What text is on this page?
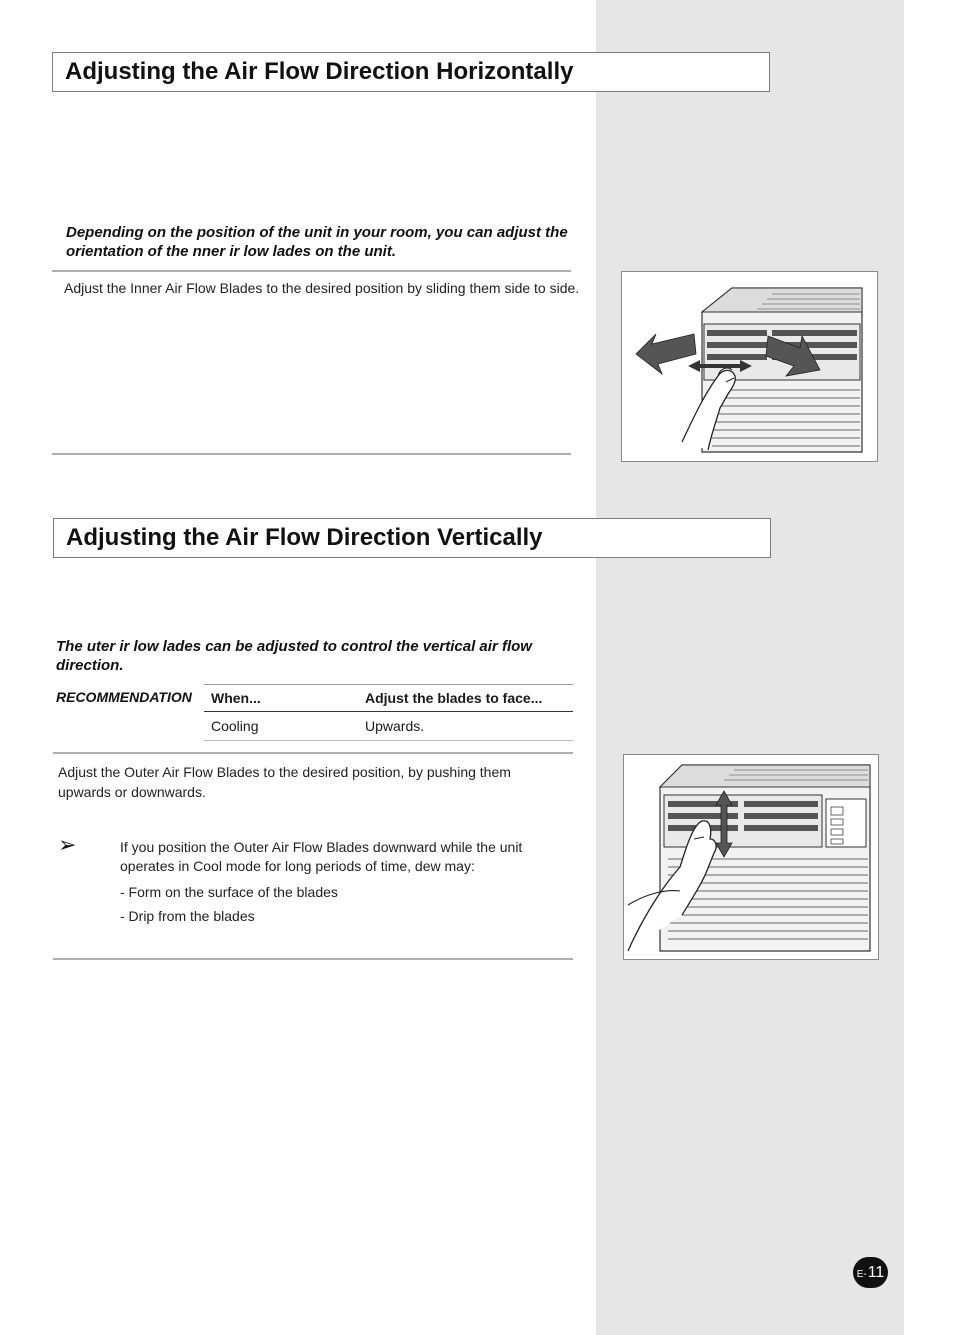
Adjusting the Air Flow Direction Horizontally
Depending on the position of the unit in your room, you can adjust the orientation of the nner ir low lades on the unit.
Adjust the Inner Air Flow Blades to the desired position by sliding them side to side.
Adjusting the Air Flow Direction Vertically
The uter ir low lades can be adjusted to control the vertical air flow direction.
RECOMMENDATION When...	Adjust the blades to face...
Cooling	Upwards.
Adjust the Outer Air Flow Blades to the desired position, by pushing them upwards or downwards.
➢	If you position the Outer Air Flow Blades downward while the unit operates in Cool mode for long periods of time, dew may:
- Form on the surface of the blades
- Drip from the blades
E- 11
